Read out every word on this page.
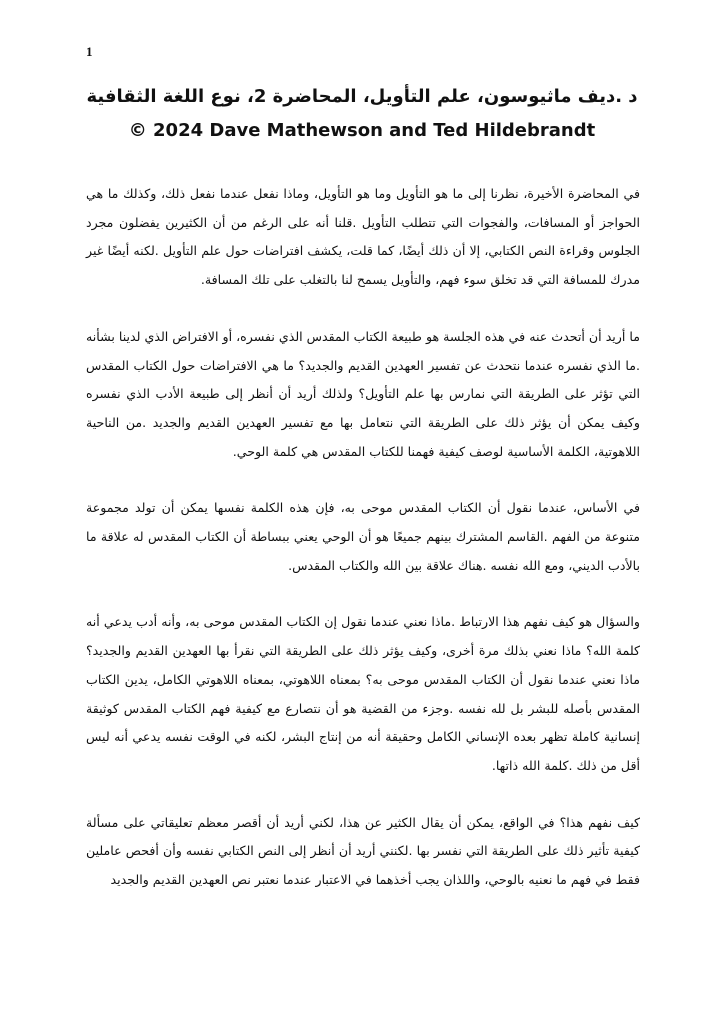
1
د .ديف ماثيوسون، علم التأويل، المحاضرة 2، نوع اللغة الثقافية
© 2024 Dave Mathewson and Ted Hildebrandt

في المحاضرة الأخيرة، نظرنا إلى ما هو التأويل وما هو التأويل، وماذا نفعل عندما نفعل ذلك، وكذلك ما هي الحواجز أو المسافات، والفجوات التي تتطلب التأويل .قلنا أنه على الرغم من أن الكثيرين يفضلون مجرد الجلوس وقراءة النص الكتابي، إلا أن ذلك أيضًا، كما قلت، يكشف افتراضات حول علم التأويل .لكنه أيضًا غير مدرك للمسافة التي قد تخلق سوء فهم، والتأويل يسمح لنا بالتغلب على تلك المسافة.

ما أريد أن أتحدث عنه في هذه الجلسة هو طبيعة الكتاب المقدس الذي نفسره، أو الافتراض الذي لدينا بشأنه .ما الذي نفسره عندما نتحدث عن تفسير العهدين القديم والجديد؟ ما هي الافتراضات حول الكتاب المقدس التي تؤثر على الطريقة التي نمارس بها علم التأويل؟ ولذلك أريد أن أنظر إلى طبيعة الأدب الذي نفسره وكيف يمكن أن يؤثر ذلك على الطريقة التي نتعامل بها مع تفسير العهدين القديم والجديد .من الناحية اللاهوتية، الكلمة الأساسية لوصف كيفية فهمنا للكتاب المقدس هي كلمة الوحي.

في الأساس، عندما نقول أن الكتاب المقدس موحى به، فإن هذه الكلمة نفسها يمكن أن تولد مجموعة متنوعة من الفهم .القاسم المشترك بينهم جميعًا هو أن الوحي يعني ببساطة أن الكتاب المقدس له علاقة ما بالأدب الديني، ومع الله نفسه .هناك علاقة بين الله والكتاب المقدس.

والسؤال هو كيف نفهم هذا الارتباط .ماذا نعني عندما نقول إن الكتاب المقدس موحى به، وأنه أدب يدعي أنه كلمة الله؟ ماذا نعني بذلك مرة أخرى، وكيف يؤثر ذلك على الطريقة التي نقرأ بها العهدين القديم والجديد؟ ماذا نعني عندما نقول أن الكتاب المقدس موحى به؟ بمعناه اللاهوتي، بمعناه اللاهوتي الكامل، يدين الكتاب المقدس بأصله للبشر بل لله نفسه .وجزء من القضية هو أن نتصارع مع كيفية فهم الكتاب المقدس كوثيقة إنسانية كاملة تظهر بعده الإنساني الكامل وحقيقة أنه من إنتاج البشر، لكنه في الوقت نفسه يدعي أنه ليس أقل من ذلك .كلمة الله ذاتها.

كيف نفهم هذا؟ في الواقع، يمكن أن يقال الكثير عن هذا، لكني أريد أن أقصر معظم تعليقاتي على مسألة كيفية تأثير ذلك على الطريقة التي نفسر بها .لكنني أريد أن أنظر إلى النص الكتابي نفسه وأن أفحص عاملين فقط في فهم ما نعنيه بالوحي، واللذان يجب أخذهما في الاعتبار عندما نعتبر نص العهدين القديم والجديد
